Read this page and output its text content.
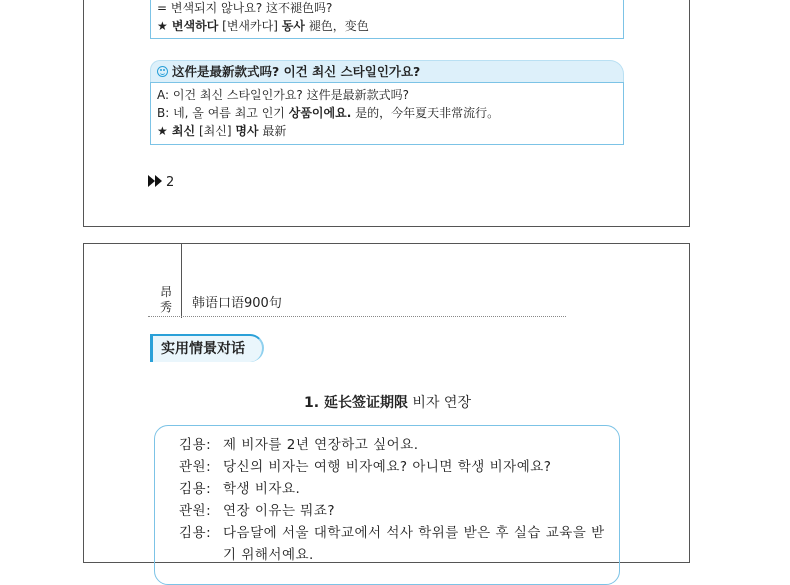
= 변색되지 않나요? 这不褪色吗?
★ 변색하다 [변새카다] 동사 褪色，变色
这件是最新款式吗? 이건 최신 스타일인가요?
A: 이건 최신 스타일인가요? 这件是最新款式吗?
B: 네, 올 여름 최고 인기 상품이에요. 是的，今年夏天非常流行。
★ 최신 [최신] 명사 最新
2
昂秀 韩语口语900句
实用情景对话
1. 延长签证期限 비자 연장
김용: 제 비자를 2년 연장하고 싶어요.
관원: 당신의 비자는 여행 비자예요? 아니면 학생 비자예요?
김용: 학생 비자요.
관원: 연장 이유는 뭐죠?
김용: 다음달에 서울 대학교에서 석사 학위를 받은 후 실습 교육을 받기 위해서예요.
